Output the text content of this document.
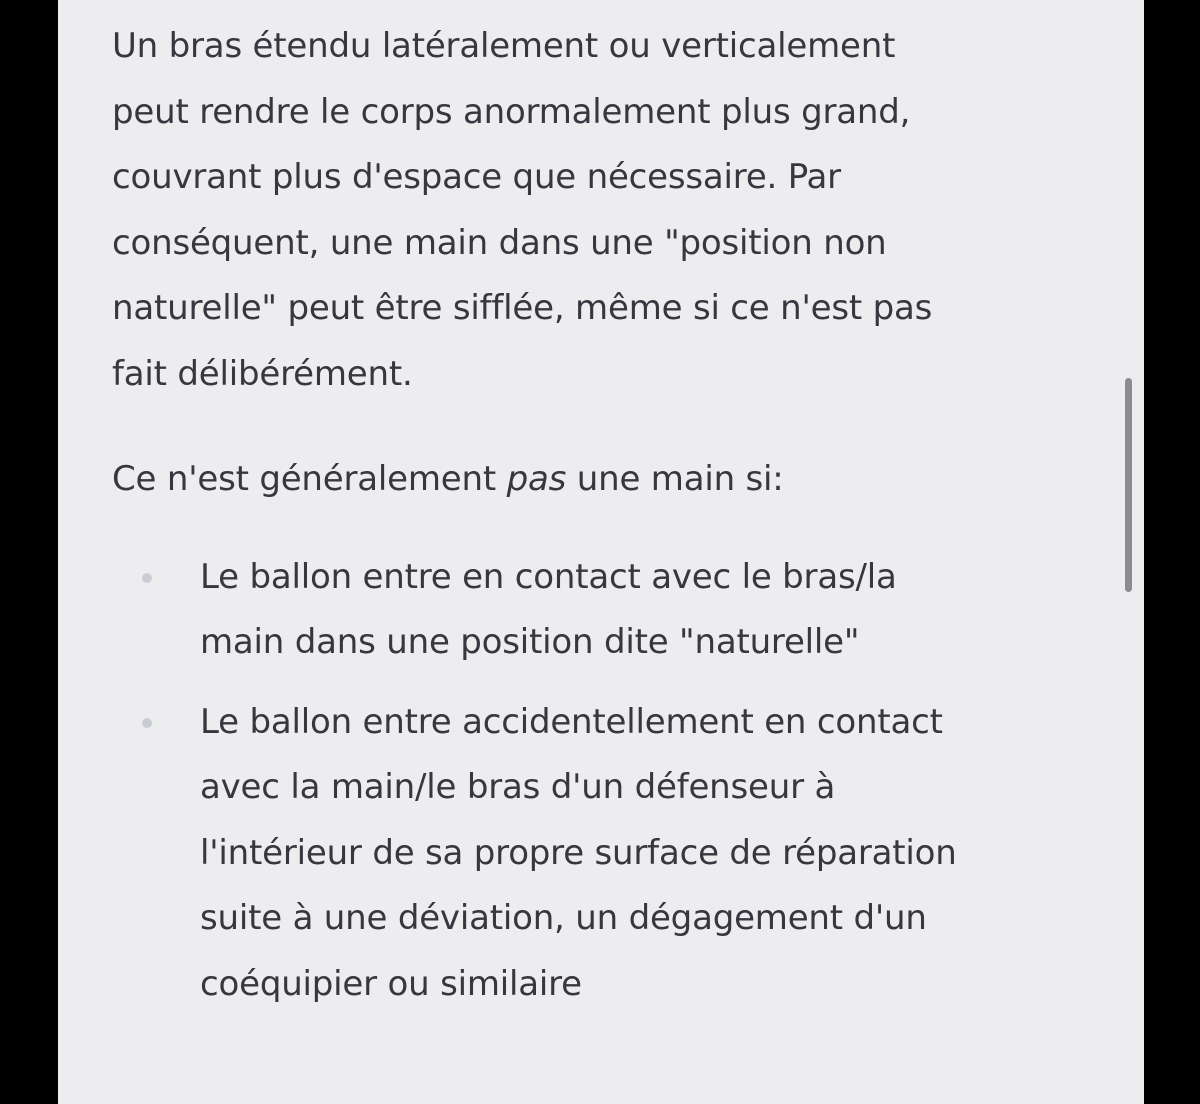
Un bras étendu latéralement ou verticalement
peut rendre le corps anormalement plus grand,
couvrant plus d'espace que nécessaire. Par
conséquent, une main dans une "position non
naturelle" peut être sifflée, même si ce n'est pas
fait délibérément.

Ce n'est généralement pas une main si:

Le ballon entre en contact avec le bras/la
main dans une position dite "naturelle"
Le ballon entre accidentellement en contact
avec la main/le bras d'un défenseur à
l'intérieur de sa propre surface de réparation
suite à une déviation, un dégagement d'un
coéquipier ou similaire
